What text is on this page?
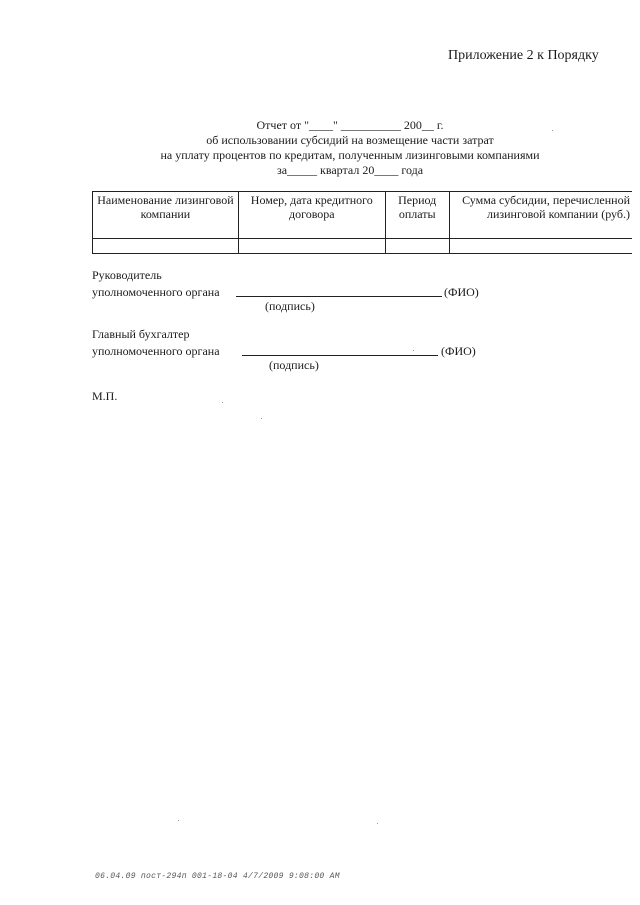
Приложение 2 к Порядку
Отчет от "____" __________ 200__ г.
об использовании субсидий на возмещение части затрат
на уплату процентов по кредитам, полученным лизинговыми компаниями
за_____ квартал 20____ года
Наименование лизинговой компании	Номер, дата кредитного договора	Период оплаты	Сумма субсидии, перечисленной лизинговой компании (руб.)

Руководитель
уполномоченного органа	(ФИО)
(подпись)
Главный бухгалтер
уполномоченного органа	(ФИО)
(подпись)
М.П.
06.04.09 пост-294п 001-18-04 4/7/2009 9:08:00 AM
